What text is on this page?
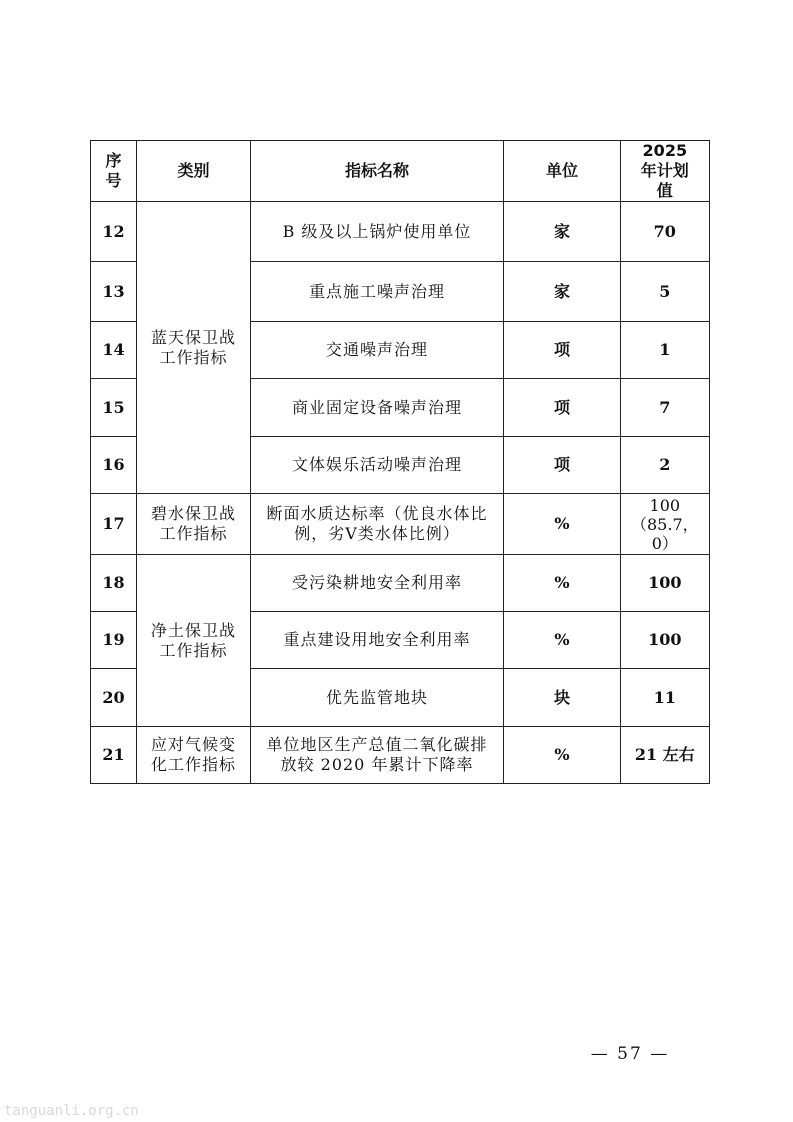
序号	类别	指标名称	单位	2025 年计划值
12	蓝天保卫战工作指标	B 级及以上锅炉使用单位	家	70
13		重点施工噪声治理	家	5
14		交通噪声治理	项	1
15		商业固定设备噪声治理	项	7
16		文体娱乐活动噪声治理	项	2
17	碧水保卫战工作指标	断面水质达标率（优良水体比例，劣Ⅴ类水体比例）	%	100（85.7，0）
18	净土保卫战工作指标	受污染耕地安全利用率	%	100
19		重点建设用地安全利用率	%	100
20		优先监管地块	块	11
21	应对气候变化工作指标	单位地区生产总值二氧化碳排放较 2020 年累计下降率	%	21 左右
— 57 —
tanguanli.org.cn
